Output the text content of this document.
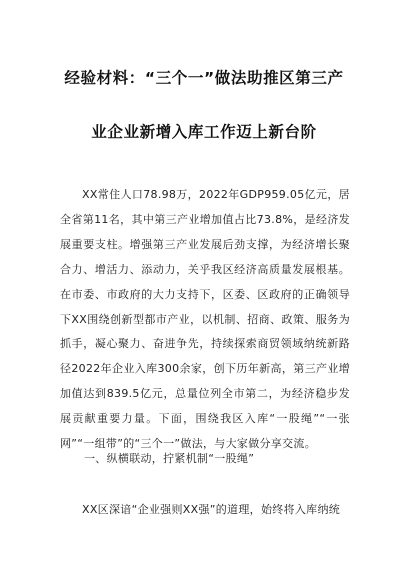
经验材料：“三个一”做法助推区第三产
业企业新增入库工作迈上新台阶

XX常住人口78.98万，2022年GDP959.05亿元，居全省第11名，其中第三产业增加值占比73.8%，是经济发展重要支柱。增强第三产业发展后劲支撑，为经济增长聚合力、增活力、添动力，关乎我区经济高质量发展根基。在市委、市政府的大力支持下，区委、区政府的正确领导下XX围绕创新型都市产业，以机制、招商、政策、服务为抓手，凝心聚力、奋进争先，持续探索商贸领域纳统新路径2022年企业入库300余家，创下历年新高，第三产业增加值达到839.5亿元，总量位列全市第二，为经济稳步发展贡献重要力量。下面，围绕我区入库“一股绳”“一张网”“一组带”的“三个一”做法，与大家做分享交流。

一、纵横联动，拧紧机制“一股绳”

XX区深谙“企业强则XX强”的道理，始终将入库纳统
